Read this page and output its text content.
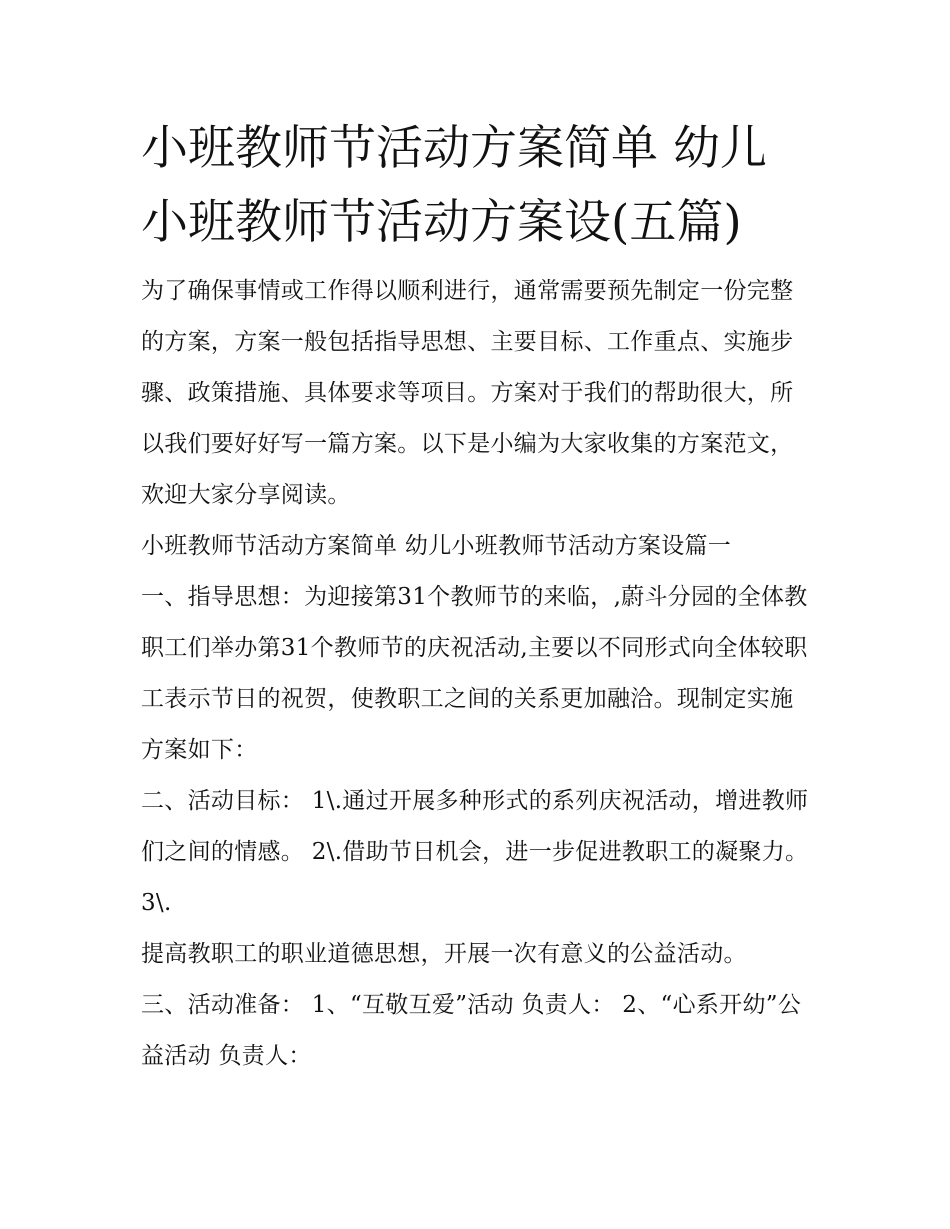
小班教师节活动方案简单 幼儿小班教师节活动方案设(五篇)

为了确保事情或工作得以顺利进行，通常需要预先制定一份完整的方案，方案一般包括指导思想、主要目标、工作重点、实施步骤、政策措施、具体要求等项目。方案对于我们的帮助很大，所以我们要好好写一篇方案。以下是小编为大家收集的方案范文，欢迎大家分享阅读。

小班教师节活动方案简单 幼儿小班教师节活动方案设篇一

一、指导思想：为迎接第31个教师节的来临，,蔚斗分园的全体教职工们举办第31个教师节的庆祝活动,主要以不同形式向全体较职工表示节日的祝贺，使教职工之间的关系更加融洽。现制定实施方案如下：

二、活动目标： 1\.通过开展多种形式的系列庆祝活动，增进教师们之间的情感。 2\.借助节日机会，进一步促进教职工的凝聚力。 3\.

提高教职工的职业道德思想，开展一次有意义的公益活动。

三、活动准备： 1、“互敬互爱”活动 负责人： 2、“心系开幼”公益活动 负责人：
